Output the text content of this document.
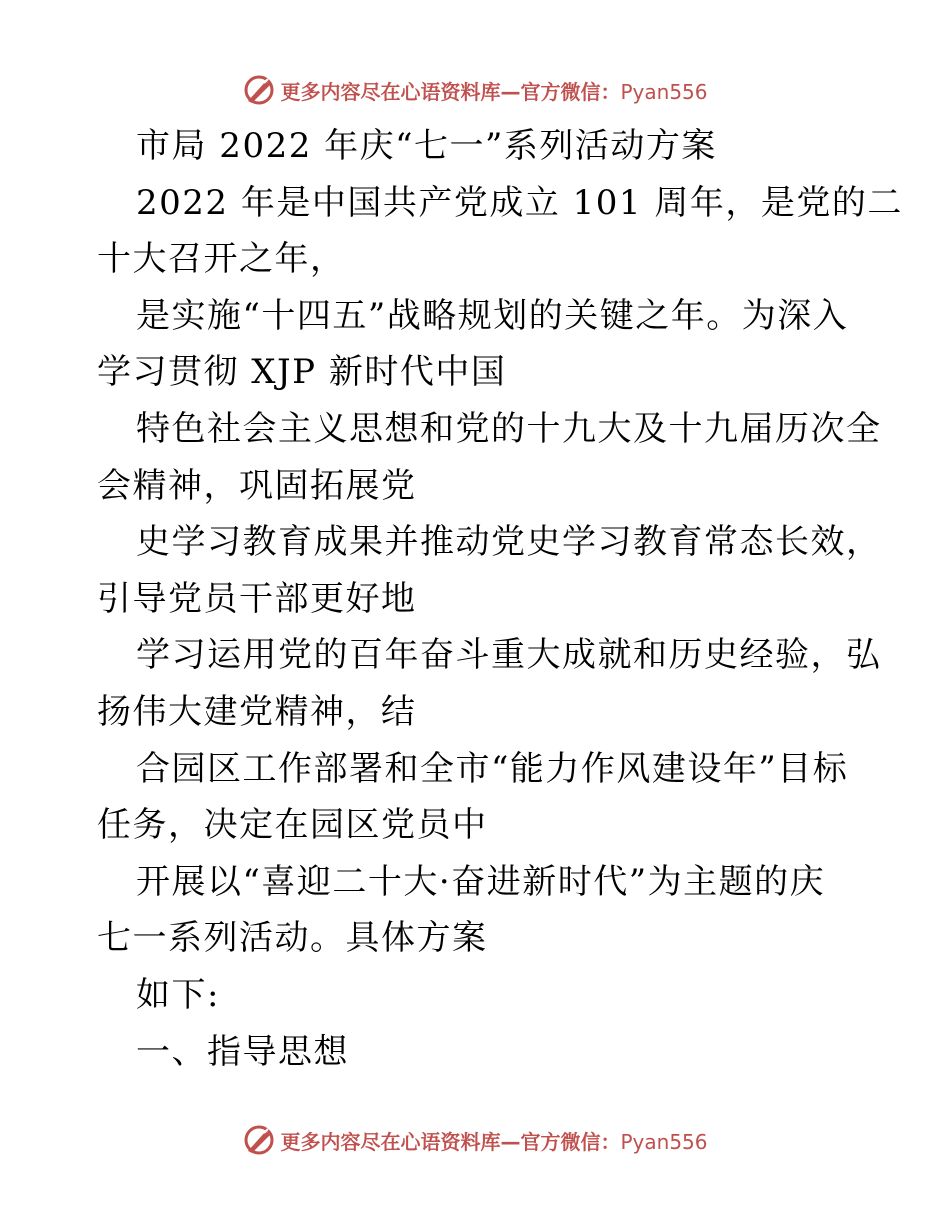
更多内容尽在心语资料库—官方微信：Pyan556
市局 2022 年庆“七一”系列活动方案
2022 年是中国共产党成立 101 周年，是党的二
十大召开之年，
是实施“十四五”战略规划的关键之年。为深入
学习贯彻 XJP 新时代中国
特色社会主义思想和党的十九大及十九届历次全
会精神，巩固拓展党
史学习教育成果并推动党史学习教育常态长效，
引导党员干部更好地
学习运用党的百年奋斗重大成就和历史经验，弘
扬伟大建党精神，结
合园区工作部署和全市“能力作风建设年”目标
任务，决定在园区党员中
开展以“喜迎二十大·奋进新时代”为主题的庆
七一系列活动。具体方案
如下:
一、指导思想
更多内容尽在心语资料库—官方微信：Pyan556
